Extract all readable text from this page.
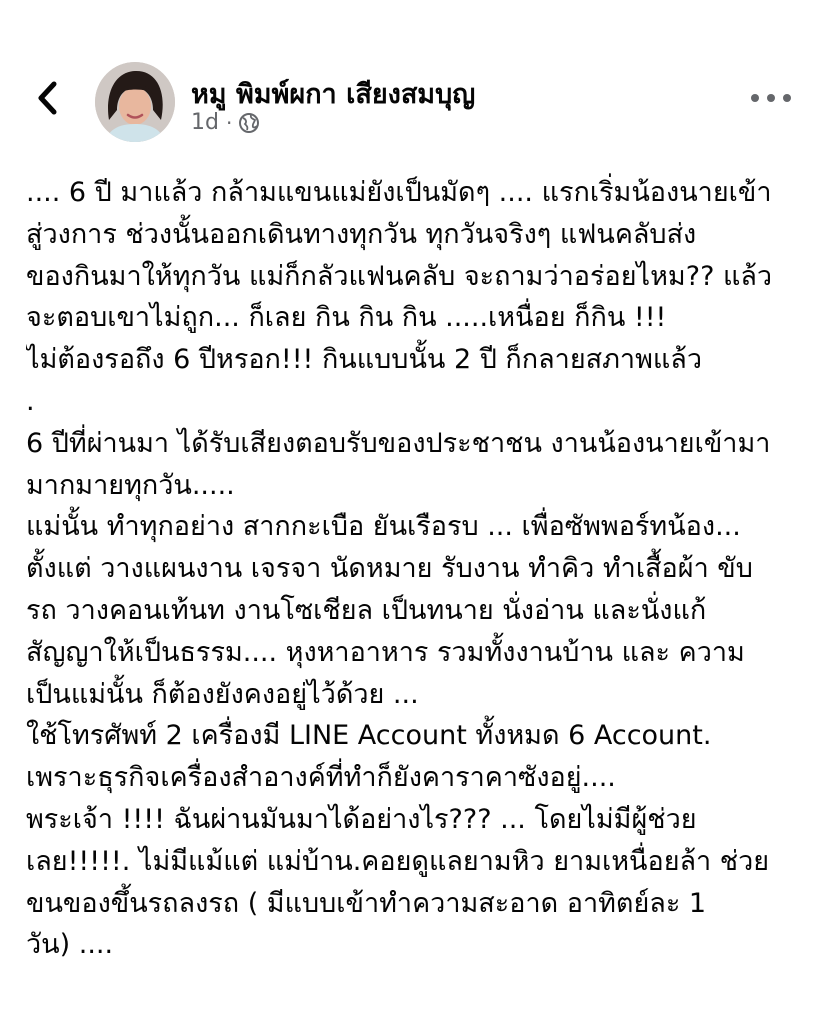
หมู พิมพ์ผกา เสียงสมบุญ
1d ·

.... 6 ปี มาแล้ว กล้ามแขนแม่ยังเป็นมัดๆ .... แรกเริ่มน้องนายเข้า

สู่วงการ ช่วงนั้นออกเดินทางทุกวัน ทุกวันจริงๆ แฟนคลับส่ง

ของกินมาให้ทุกวัน แม่ก็กลัวแฟนคลับ จะถามว่าอร่อยไหม?? แล้ว

จะตอบเขาไม่ถูก... ก็เลย กิน กิน กิน .....เหนื่อย ก็กิน !!!

ไม่ต้องรอถึง 6 ปีหรอก!!! กินแบบนั้น 2 ปี ก็กลายสภาพแล้ว

.

6 ปีที่ผ่านมา ได้รับเสียงตอบรับของประชาชน งานน้องนายเข้ามา

มากมายทุกวัน.....

แม่นั้น ทำทุกอย่าง สากกะเบือ ยันเรือรบ ... เพื่อซัพพอร์ทน้อง...

ตั้งแต่ วางแผนงาน เจรจา นัดหมาย รับงาน ทำคิว ทำเสื้อผ้า ขับ

รถ วางคอนเท้นท งานโซเชียล เป็นทนาย นั่งอ่าน และนั่งแก้

สัญญาให้เป็นธรรม.... หุงหาอาหาร รวมทั้งงานบ้าน และ ความ

เป็นแม่นั้น ก็ต้องยังคงอยู่ไว้ด้วย ...

ใช้โทรศัพท์ 2 เครื่องมี LINE Account ทั้งหมด 6 Account.

เพราะธุรกิจเครื่องสำอางค์ที่ทำก็ยังคาราคาซังอยู่....

พระเจ้า !!!! ฉันผ่านมันมาได้อย่างไร??? ... โดยไม่มีผู้ช่วย

เลย!!!!!. ไม่มีแม้แต่ แม่บ้าน.คอยดูแลยามหิว ยามเหนื่อยล้า ช่วย

ขนของขึ้นรถลงรถ ( มีแบบเข้าทำความสะอาด อาทิตย์ละ 1

วัน) ....
